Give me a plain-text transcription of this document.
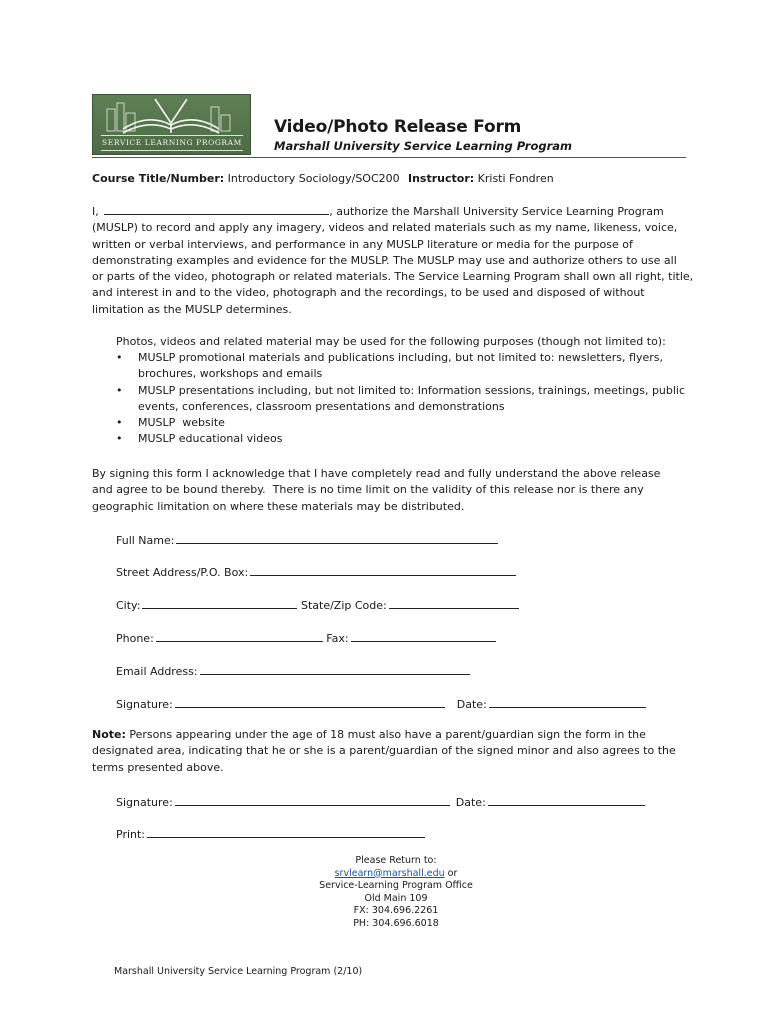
SERVICE LEARNING PROGRAM
Video/Photo Release Form
Marshall University Service Learning Program
Course Title/Number: Introductory Sociology/SOC200 Instructor: Kristi Fondren
I,	, authorize the Marshall University Service Learning Program
(MUSLP) to record and apply any imagery, videos and related materials such as my name, likeness, voice,
written or verbal interviews, and performance in any MUSLP literature or media for the purpose of
demonstrating examples and evidence for the MUSLP. The MUSLP may use and authorize others to use all
or parts of the video, photograph or related materials. The Service Learning Program shall own all right, title,
and interest in and to the video, photograph and the recordings, to be used and disposed of without
limitation as the MUSLP determines.
Photos, videos and related material may be used for the following purposes (though not limited to):
• MUSLP promotional materials and publications including, but not limited to: newsletters, flyers,
brochures, workshops and emails
• MUSLP presentations including, but not limited to: Information sessions, trainings, meetings, public
events, conferences, classroom presentations and demonstrations
• MUSLP  website
• MUSLP educational videos
By signing this form I acknowledge that I have completely read and fully understand the above release
and agree to be bound thereby.  There is no time limit on the validity of this release nor is there any
geographic limitation on where these materials may be distributed.
Full Name:
Street Address/P.O. Box:
City:	State/Zip Code:
Phone:	Fax:
Email Address:
Signature:	Date:
Note: Persons appearing under the age of 18 must also have a parent/guardian sign the form in the
designated area, indicating that he or she is a parent/guardian of the signed minor and also agrees to the
terms presented above.
Signature:	Date:
Print:
Please Return to:
srvlearn@marshall.edu or
Service-Learning Program Office
Old Main 109
FX: 304.696.2261
PH: 304.696.6018
Marshall University Service Learning Program (2/10)
